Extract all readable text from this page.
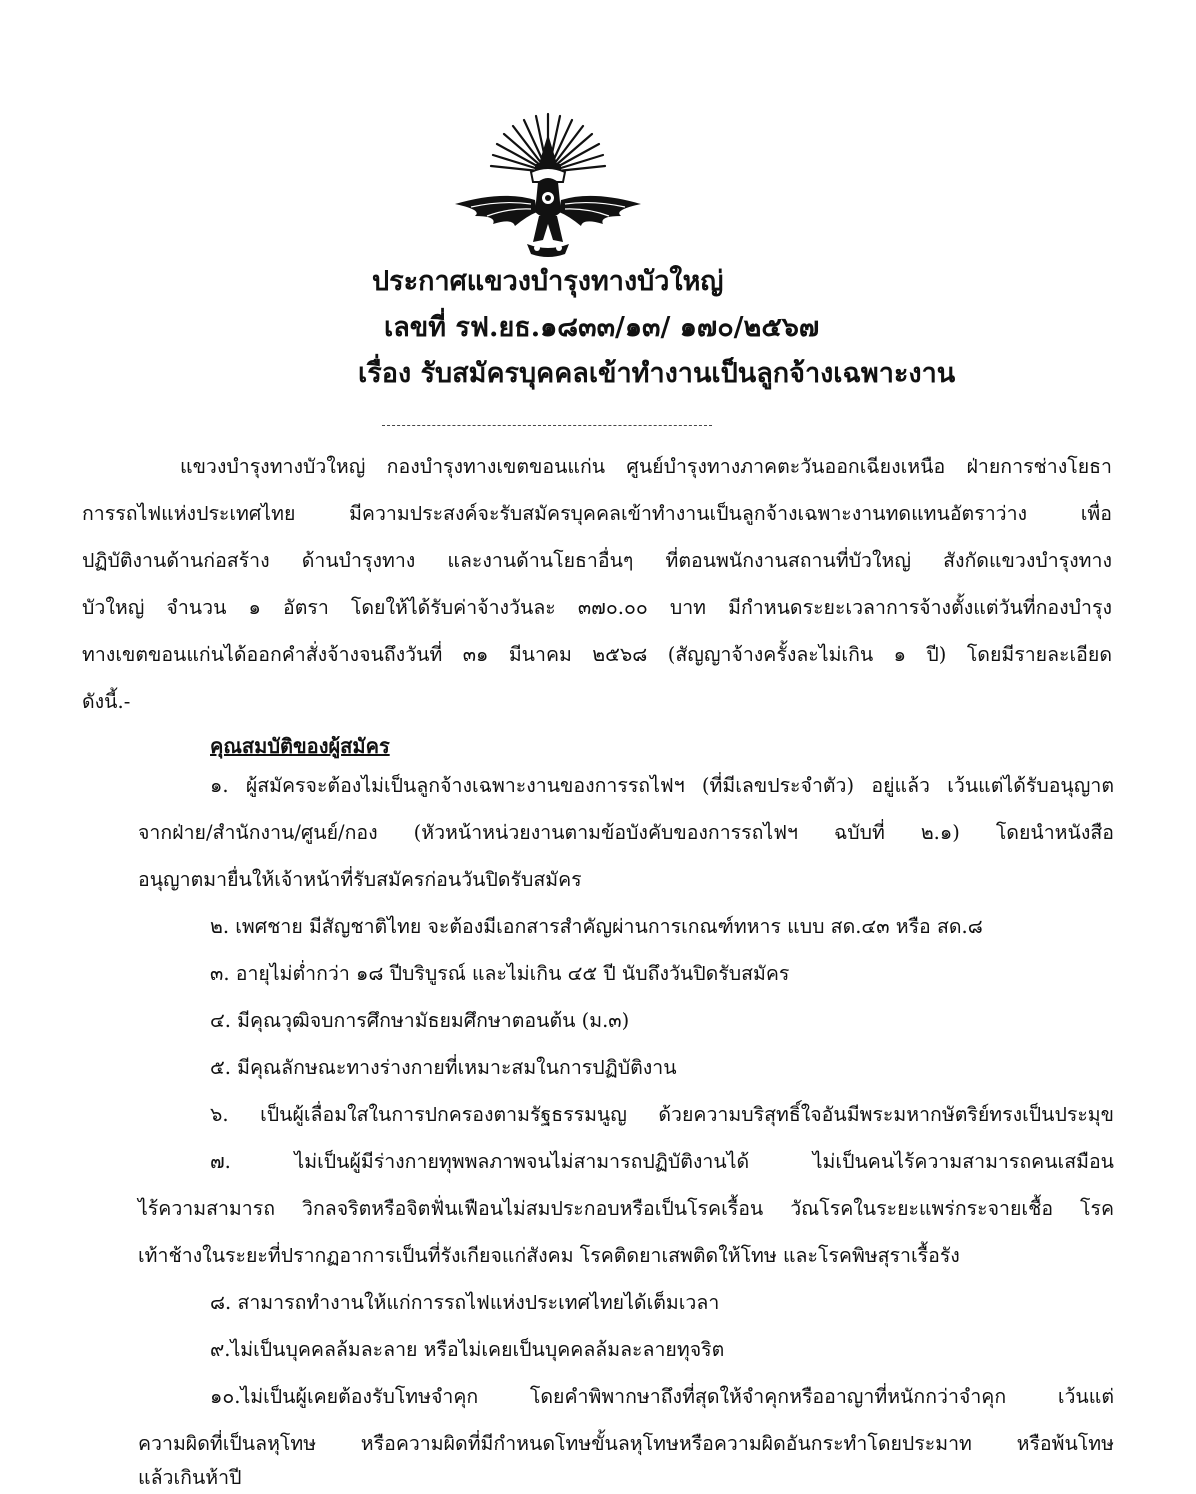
ประกาศแขวงบำรุงทางบัวใหญ่
เลขที่ รฟ.ยธ.๑๘๓๓/๑๓/ ๑๗๐/๒๕๖๗
เรื่อง รับสมัครบุคคลเข้าทำงานเป็นลูกจ้างเฉพาะงาน
แขวงบำรุงทางบัวใหญ่ กองบำรุงทางเขตขอนแก่น ศูนย์บำรุงทางภาคตะวันออกเฉียงเหนือ ฝ่ายการช่างโยธา
การรถไฟแห่งประเทศไทย มีความประสงค์จะรับสมัครบุคคลเข้าทำงานเป็นลูกจ้างเฉพาะงานทดแทนอัตราว่าง เพื่อ
ปฏิบัติงานด้านก่อสร้าง ด้านบำรุงทาง และงานด้านโยธาอื่นๆ ที่ตอนพนักงานสถานที่บัวใหญ่ สังกัดแขวงบำรุงทาง
บัวใหญ่ จำนวน ๑ อัตรา โดยให้ได้รับค่าจ้างวันละ ๓๗๐.๐๐ บาท มีกำหนดระยะเวลาการจ้างตั้งแต่วันที่กองบำรุง
ทางเขตขอนแก่นได้ออกคำสั่งจ้างจนถึงวันที่ ๓๑ มีนาคม ๒๕๖๘ (สัญญาจ้างครั้งละไม่เกิน ๑ ปี) โดยมีรายละเอียด
ดังนี้.-
คุณสมบัติของผู้สมัคร
๑. ผู้สมัครจะต้องไม่เป็นลูกจ้างเฉพาะงานของการรถไฟฯ (ที่มีเลขประจำตัว) อยู่แล้ว เว้นแต่ได้รับอนุญาต
จากฝ่าย/สำนักงาน/ศูนย์/กอง (หัวหน้าหน่วยงานตามข้อบังคับของการรถไฟฯ ฉบับที่ ๒.๑) โดยนำหนังสือ
อนุญาตมายื่นให้เจ้าหน้าที่รับสมัครก่อนวันปิดรับสมัคร
๒. เพศชาย มีสัญชาติไทย จะต้องมีเอกสารสำคัญผ่านการเกณฑ์ทหาร แบบ สด.๔๓ หรือ สด.๘
๓. อายุไม่ต่ำกว่า ๑๘ ปีบริบูรณ์ และไม่เกิน ๔๕ ปี นับถึงวันปิดรับสมัคร
๔. มีคุณวุฒิจบการศึกษามัธยมศึกษาตอนต้น (ม.๓)
๕. มีคุณลักษณะทางร่างกายที่เหมาะสมในการปฏิบัติงาน
๖. เป็นผู้เลื่อมใสในการปกครองตามรัฐธรรมนูญ ด้วยความบริสุทธิ์ใจอันมีพระมหากษัตริย์ทรงเป็นประมุข
๗. ไม่เป็นผู้มีร่างกายทุพพลภาพจนไม่สามารถปฏิบัติงานได้ ไม่เป็นคนไร้ความสามารถคนเสมือน
ไร้ความสามารถ วิกลจริตหรือจิตฟั่นเฟือนไม่สมประกอบหรือเป็นโรคเรื้อน วัณโรคในระยะแพร่กระจายเชื้อ โรค
เท้าช้างในระยะที่ปรากฏอาการเป็นที่รังเกียจแก่สังคม โรคติดยาเสพติดให้โทษ และโรคพิษสุราเรื้อรัง
๘. สามารถทำงานให้แก่การรถไฟแห่งประเทศไทยได้เต็มเวลา
๙.ไม่เป็นบุคคลล้มละลาย หรือไม่เคยเป็นบุคคลล้มละลายทุจริต
๑๐.ไม่เป็นผู้เคยต้องรับโทษจำคุก โดยคำพิพากษาถึงที่สุดให้จำคุกหรืออาญาที่หนักกว่าจำคุก เว้นแต่
ความผิดที่เป็นลหุโทษ หรือความผิดที่มีกำหนดโทษขั้นลหุโทษหรือความผิดอันกระทำโดยประมาท หรือพ้นโทษ
แล้วเกินห้าปี
